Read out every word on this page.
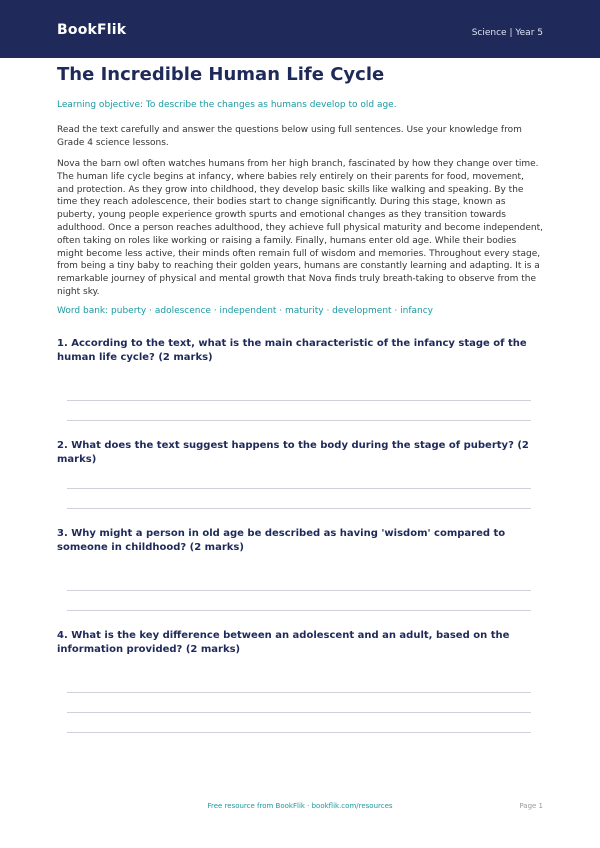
BookFlik	Science | Year 5
The Incredible Human Life Cycle
Learning objective: To describe the changes as humans develop to old age.

Read the text carefully and answer the questions below using full sentences. Use your knowledge from Grade 4 science lessons.

Nova the barn owl often watches humans from her high branch, fascinated by how they change over time. The human life cycle begins at infancy, where babies rely entirely on their parents for food, movement, and protection. As they grow into childhood, they develop basic skills like walking and speaking. By the time they reach adolescence, their bodies start to change significantly. During this stage, known as puberty, young people experience growth spurts and emotional changes as they transition towards adulthood. Once a person reaches adulthood, they achieve full physical maturity and become independent, often taking on roles like working or raising a family. Finally, humans enter old age. While their bodies might become less active, their minds often remain full of wisdom and memories. Throughout every stage, from being a tiny baby to reaching their golden years, humans are constantly learning and adapting. It is a remarkable journey of physical and mental growth that Nova finds truly breath-taking to observe from the night sky.

Word bank: puberty · adolescence · independent · maturity · development · infancy

1. According to the text, what is the main characteristic of the infancy stage of the human life cycle? (2 marks)

2. What does the text suggest happens to the body during the stage of puberty? (2 marks)

3. Why might a person in old age be described as having 'wisdom' compared to someone in childhood? (2 marks)

4. What is the key difference between an adolescent and an adult, based on the information provided? (2 marks)

Free resource from BookFlik · bookflik.com/resources	Page 1
